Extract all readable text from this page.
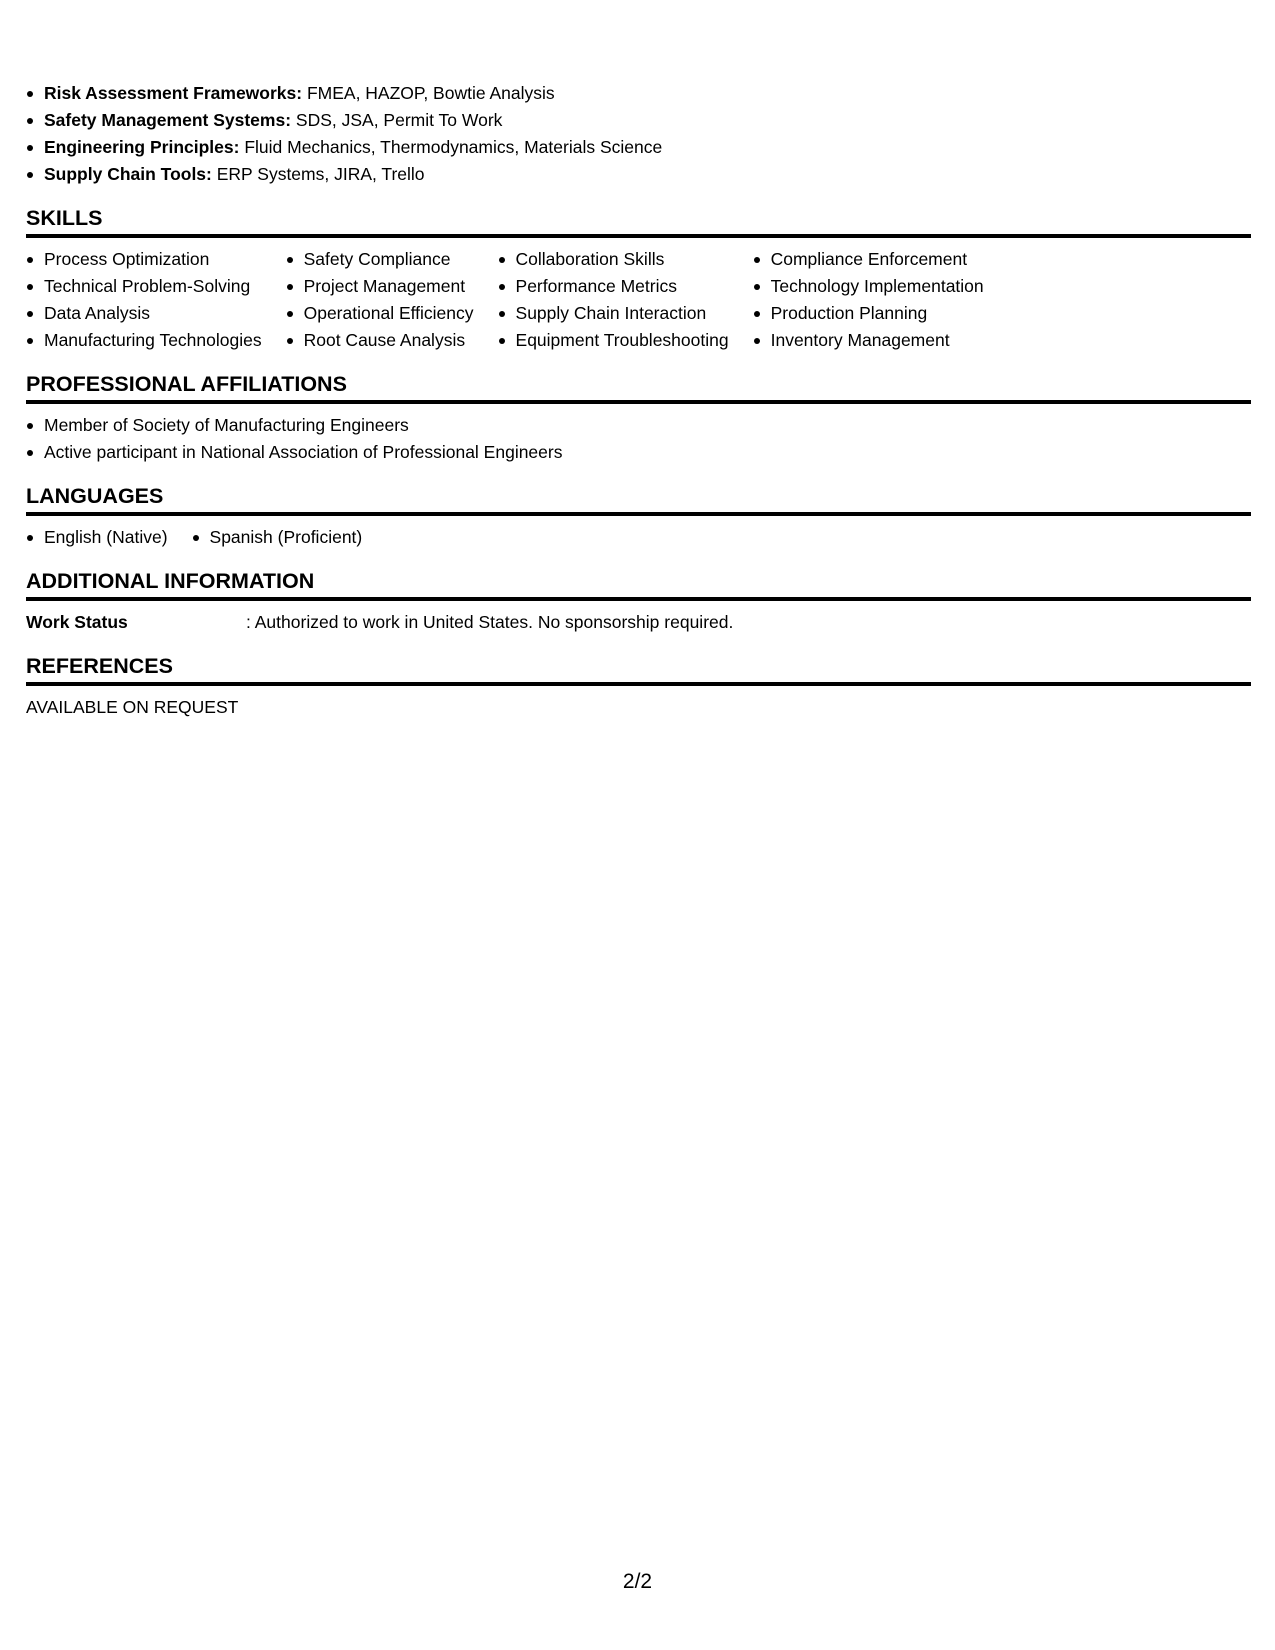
Risk Assessment Frameworks: FMEA, HAZOP, Bowtie Analysis
Safety Management Systems: SDS, JSA, Permit To Work
Engineering Principles: Fluid Mechanics, Thermodynamics, Materials Science
Supply Chain Tools: ERP Systems, JIRA, Trello
SKILLS
Process Optimization
Technical Problem-Solving
Data Analysis
Manufacturing Technologies
Safety Compliance
Project Management
Operational Efficiency
Root Cause Analysis
Collaboration Skills
Performance Metrics
Supply Chain Interaction
Equipment Troubleshooting
Compliance Enforcement
Technology Implementation
Production Planning
Inventory Management
PROFESSIONAL AFFILIATIONS
Member of Society of Manufacturing Engineers
Active participant in National Association of Professional Engineers
LANGUAGES
English (Native)	Spanish (Proficient)
ADDITIONAL INFORMATION
Work Status	: Authorized to work in United States. No sponsorship required.
REFERENCES
AVAILABLE ON REQUEST
2/2
